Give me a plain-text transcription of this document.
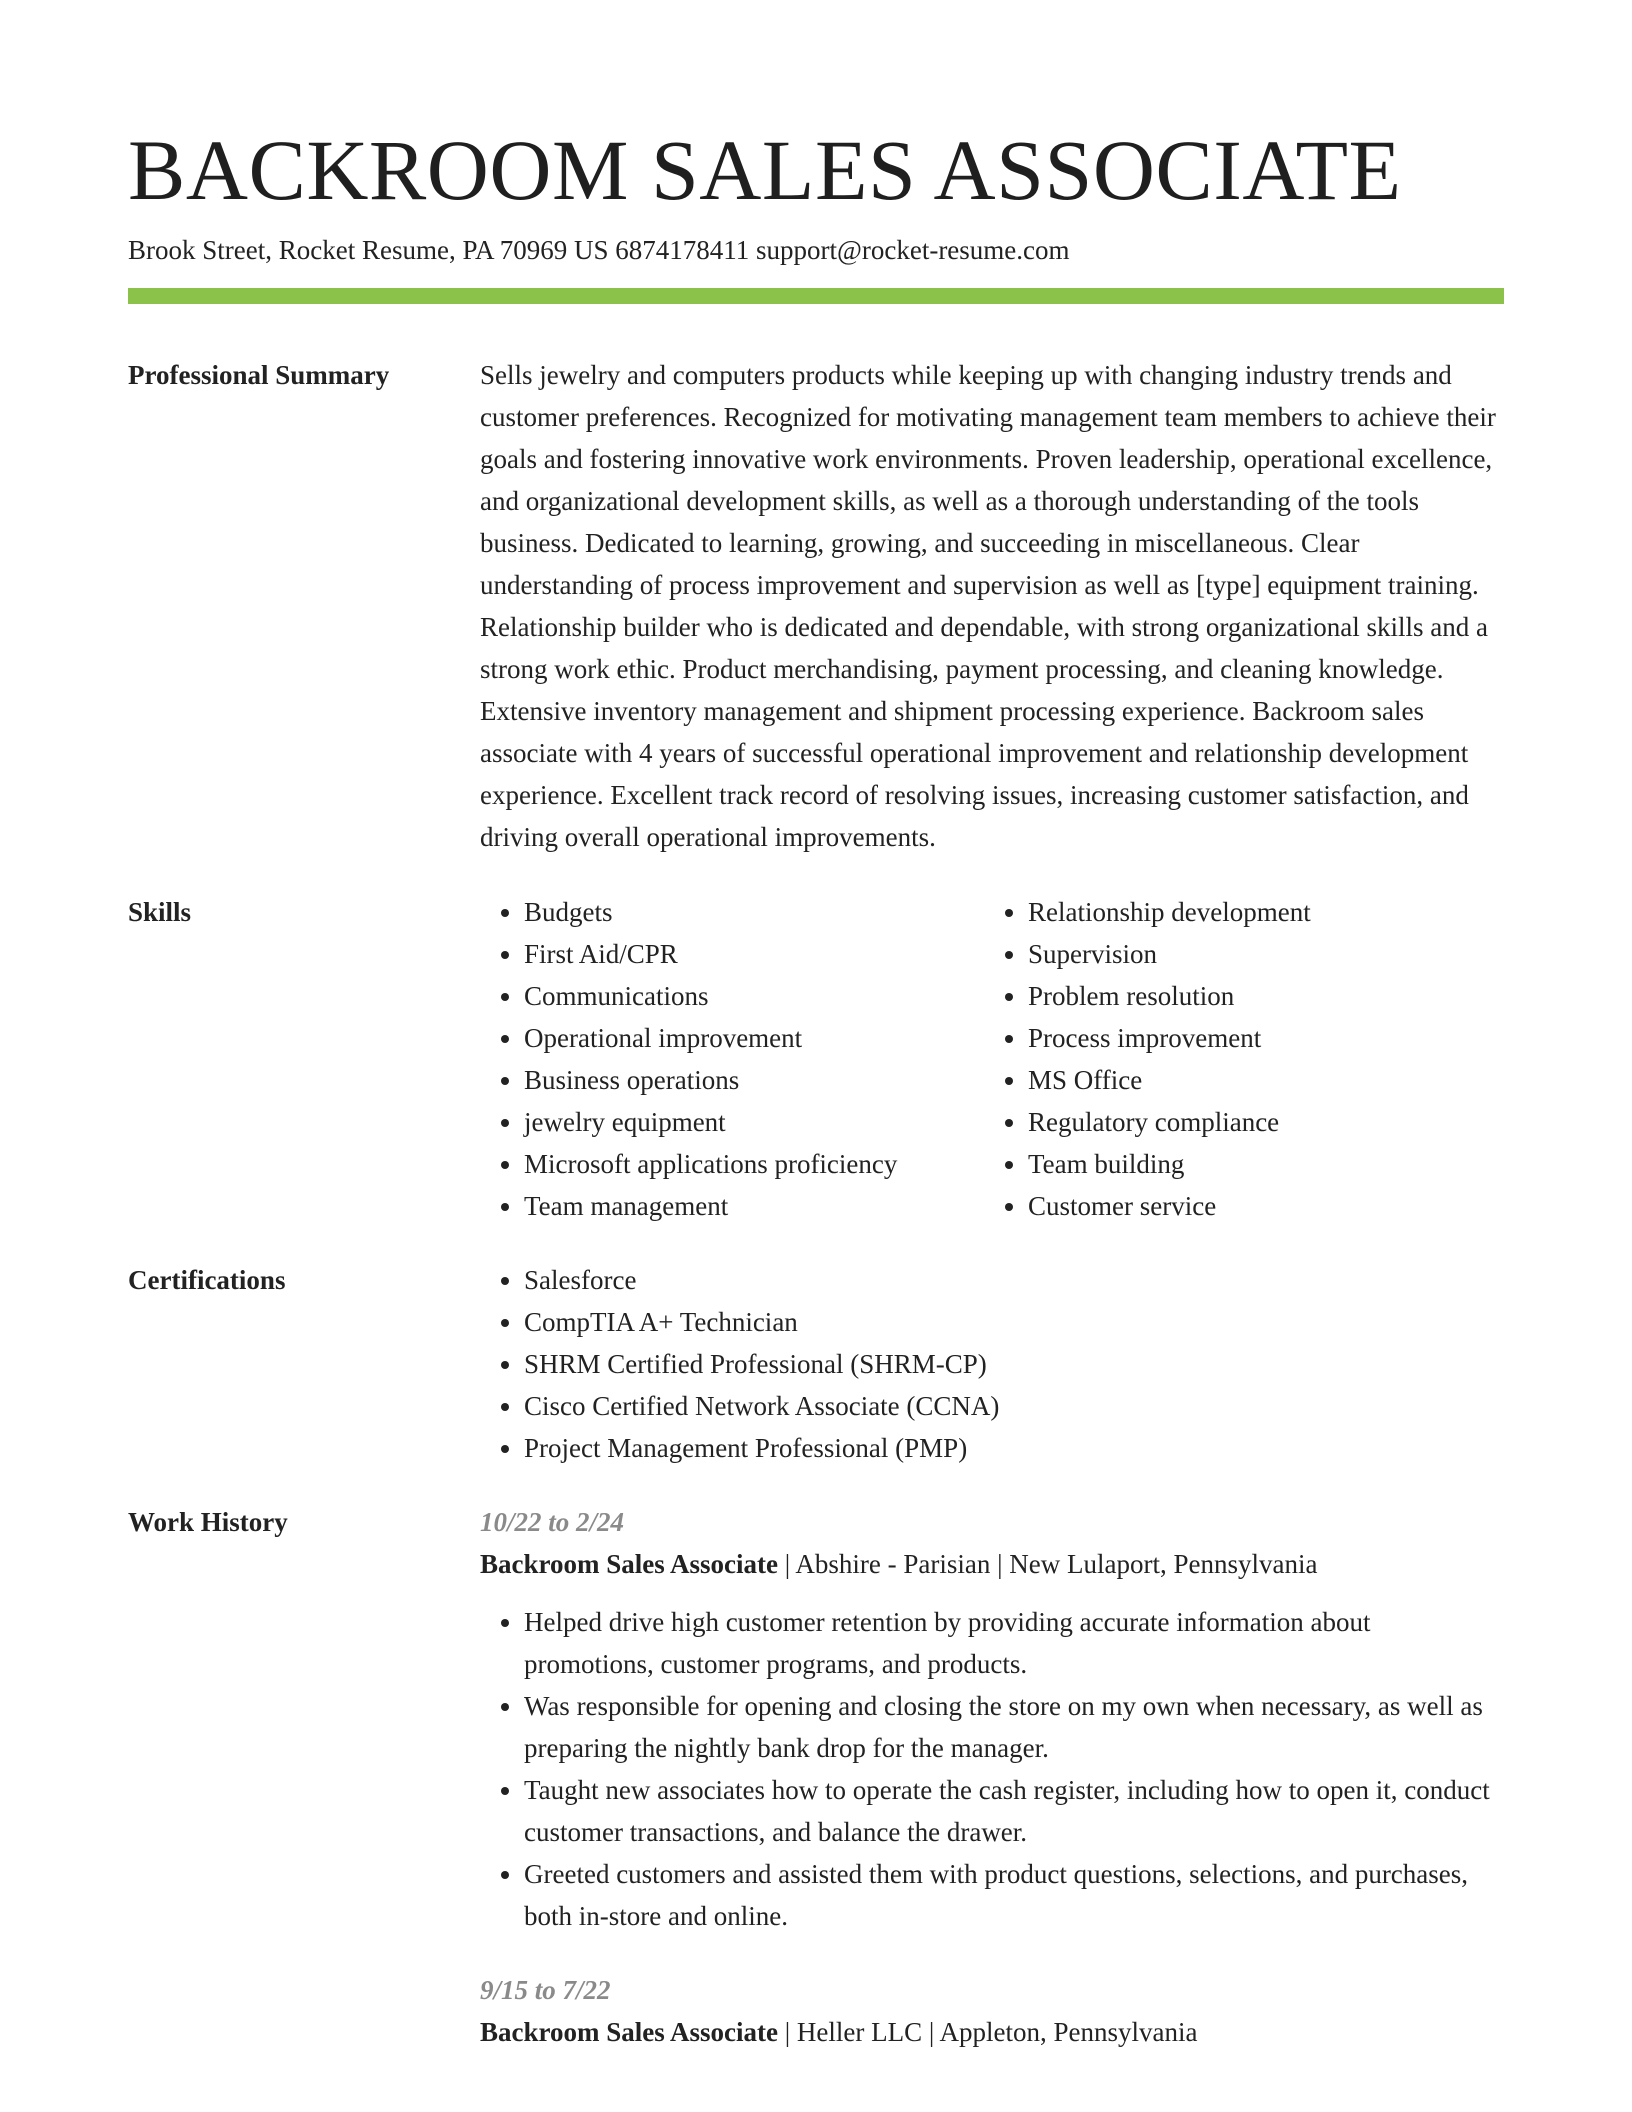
BACKROOM SALES ASSOCIATE
Brook Street, Rocket Resume, PA 70969 US 6874178411 support@rocket-resume.com
Professional Summary	Sells jewelry and computers products while keeping up with changing industry trends and customer preferences. Recognized for motivating management team members to achieve their goals and fostering innovative work environments. Proven leadership, operational excellence, and organizational development skills, as well as a thorough understanding of the tools business. Dedicated to learning, growing, and succeeding in miscellaneous. Clear understanding of process improvement and supervision as well as [type] equipment training. Relationship builder who is dedicated and dependable, with strong organizational skills and a strong work ethic. Product merchandising, payment processing, and cleaning knowledge. Extensive inventory management and shipment processing experience. Backroom sales associate with 4 years of successful operational improvement and relationship development experience. Excellent track record of resolving issues, increasing customer satisfaction, and driving overall operational improvements.

Skills	• Budgets
• First Aid/CPR
• Communications
• Operational improvement
• Business operations
• jewelry equipment
• Microsoft applications proficiency
• Team management
• Relationship development
• Supervision
• Problem resolution
• Process improvement
• MS Office
• Regulatory compliance
• Team building
• Customer service
Certifications	• Salesforce
• CompTIA A+ Technician
• SHRM Certified Professional (SHRM-CP)
• Cisco Certified Network Associate (CCNA)
• Project Management Professional (PMP)
Work History	10/22 to 2/24
Backroom Sales Associate | Abshire - Parisian | New Lulaport, Pennsylvania
• Helped drive high customer retention by providing accurate information about promotions, customer programs, and products.
• Was responsible for opening and closing the store on my own when necessary, as well as preparing the nightly bank drop for the manager.
• Taught new associates how to operate the cash register, including how to open it, conduct customer transactions, and balance the drawer.
• Greeted customers and assisted them with product questions, selections, and purchases, both in-store and online.
9/15 to 7/22
Backroom Sales Associate | Heller LLC | Appleton, Pennsylvania
